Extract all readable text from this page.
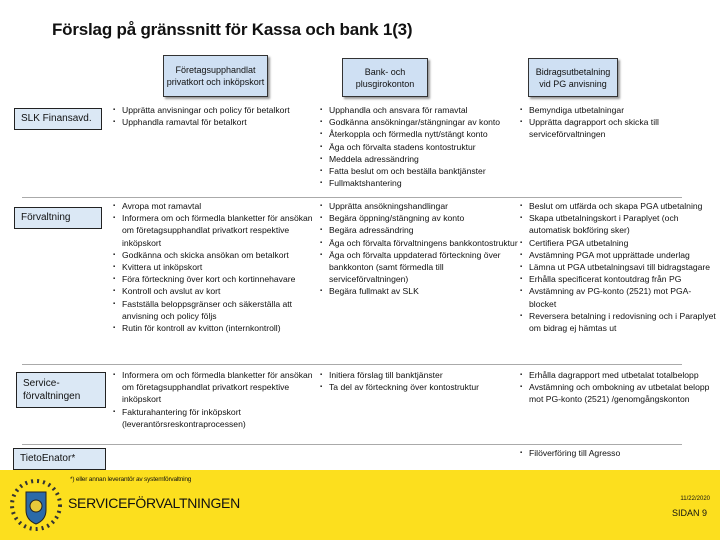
Förslag på gränssnitt för Kassa och bank 1(3)
Företagsupphandlat privatkort och inköpskort
Bank- och plusgirokonton
Bidragsutbetalning vid PG anvisning
SLK Finansavd.
▪ Upprätta anvisningar och policy för betalkort
▪ Upphandla ramavtal för betalkort
▪ Upphandla och ansvara för ramavtal
▪ Godkänna ansökningar/stängningar av konto
▪ Återkoppla och förmedla nytt/stängt konto
▪ Äga och förvalta stadens kontostruktur
▪ Meddela adressändring
▪ Fatta beslut om och beställa banktjänster
▪ Fullmaktshantering
▪ Bemyndiga utbetalningar
▪ Upprätta dagrapport och skicka till serviceförvaltningen
Förvaltning
▪ Avropa mot ramavtal
▪ Informera om och förmedla blanketter för ansökan om företagsupphandlat privatkort respektive inköpskort
▪ Godkänna och skicka ansökan om betalkort
▪ Kvittera ut inköpskort
▪ Föra förteckning över kort och kortinnehavare
▪ Kontroll och avslut av kort
▪ Fastställa beloppsgränser och säkerställa att anvisning och policy följs
▪ Rutin för kontroll av kvitton (internkontroll)
▪ Upprätta ansökningshandlingar
▪ Begära öppning/stängning av konto
▪ Begära adressändring
▪ Äga och förvalta förvaltningens bankkontostruktur
▪ Äga och förvalta uppdaterad förteckning över bankkonton (samt förmedla till serviceförvaltningen)
▪ Begära fullmakt av SLK
▪ Beslut om utfärda och skapa PGA utbetalning
▪ Skapa utbetalningskort i Paraplyet (och automatisk bokföring sker)
▪ Certifiera PGA utbetalning
▪ Avstämning PGA mot upprättade underlag
▪ Lämna ut PGA utbetalningsavi till bidragstagare
▪ Erhålla specificerat kontoutdrag från PG
▪ Avstämning av PG-konto (2521) mot PGA-blocket
▪ Reversera betalning i redovisning och i Paraplyet om bidrag ej hämtas ut
Service-förvaltningen
▪ Informera om och förmedla blanketter för ansökan om företagsupphandlat privatkort respektive inköpskort
▪ Fakturahantering för inköpskort (leverantörsreskontraprocessen)
▪ Initiera förslag till banktjänster
▪ Ta del av förteckning över kontostruktur
▪ Erhålla dagrapport med utbetalat totalbelopp
▪ Avstämning och ombokning av utbetalat belopp mot PG-konto (2521) /genomgångskonton
TietoEnator*	▪ Filöverföring till Agresso
*) eller annan leverantör av systemförvaltning
SERVICEFÖRVALTNINGEN	11/22/2020
SIDAN 9
